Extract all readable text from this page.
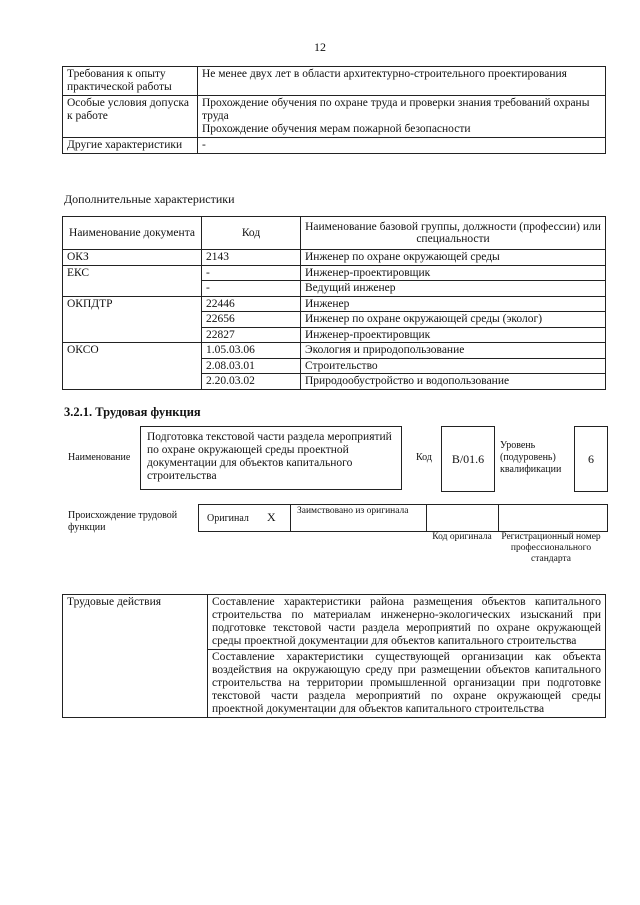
12
Требования к опыту практической работы	Не менее двух лет в области архитектурно-строительного проектирования
Особые условия допуска к работе	Прохождение обучения по охране труда и проверки знания требований охраны труда
Прохождение обучения мерам пожарной безопасности

Другие характеристики	-
Дополнительные характеристики
Наименование документа	Код	Наименование базовой группы, должности (профессии) или специальности
ОКЗ	2143	Инженер по охране окружающей среды
ЕКС	-	Инженер-проектировщик
	-	Ведущий инженер
ОКПДТР	22446	Инженер
	22656	Инженер по охране окружающей среды (эколог)
	22827	Инженер-проектировщик
ОКСО	1.05.03.06	Экология и природопользование
	2.08.03.01	Строительство
	2.20.03.02	Природообустройство и водопользование
3.2.1. Трудовая функция
Наименование
Подготовка текстовой части раздела мероприятий по охране окружающей среды проектной документации для объектов капитального строительства
Код	B/01.6
Уровень (подуровень) квалификации
6
Происхождение трудовой функции
Оригинал X Заимствовано из оригинала
Код оригинала	Регистрационный номер профессионального стандарта
Трудовые действия	Составление характеристики района размещения объектов капитального строительства по материалам инженерно-экологических изысканий при подготовке текстовой части раздела мероприятий по охране окружающей среды проектной документации для объектов капитального строительства
Составление характеристики существующей организации как объекта воздействия на окружающую среду при размещении объектов капитального строительства на территории промышленной организации при подготовке текстовой части раздела мероприятий по охране окружающей среды проектной документации для объектов капитального строительства
